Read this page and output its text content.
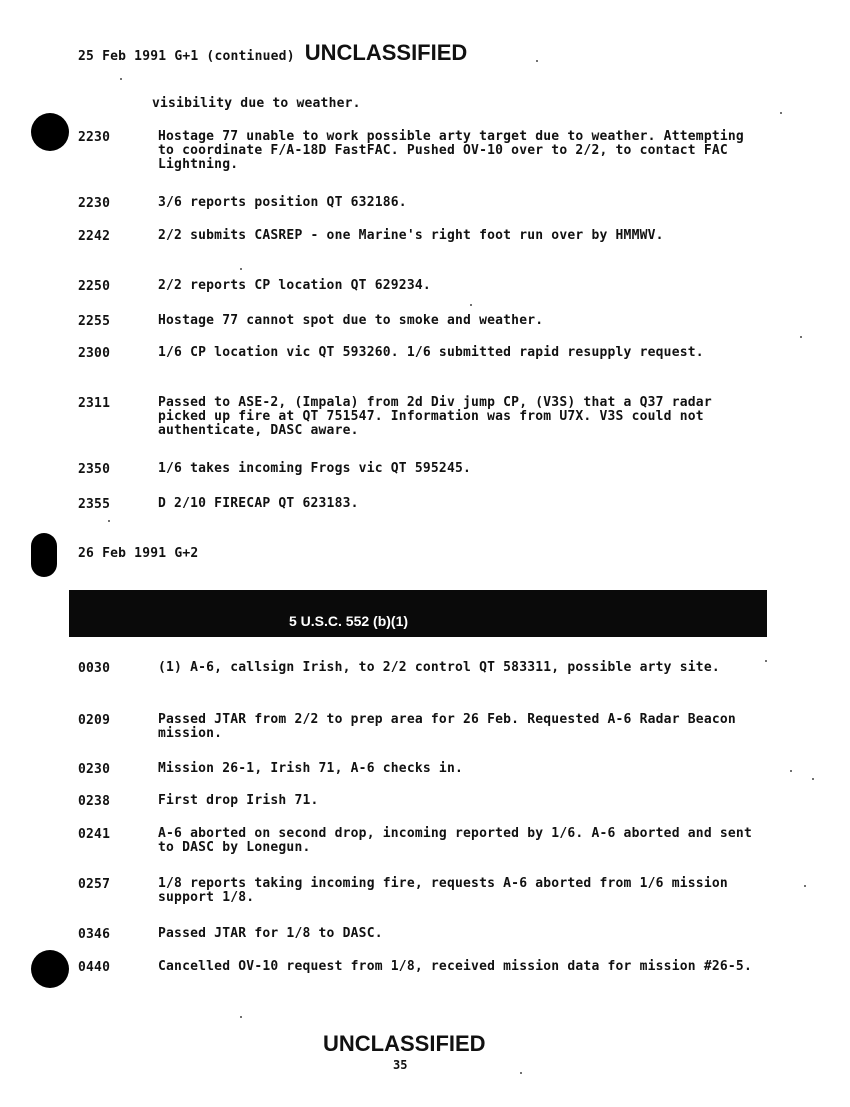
25 Feb 1991 G+1 (continued) UNCLASSIFIED
visibility due to weather.
2230	Hostage 77 unable to work possible arty target due to weather. Attempting to coordinate F/A-18D FastFAC. Pushed OV-10 over to 2/2, to contact FAC Lightning.
2230	3/6 reports position QT 632186.
2242	2/2 submits CASREP - one Marine's right foot run over by HMMWV.
2250	2/2 reports CP location QT 629234.
2255	Hostage 77 cannot spot due to smoke and weather.
2300	1/6 CP location vic QT 593260. 1/6 submitted rapid resupply request.
2311	Passed to ASE-2, (Impala) from 2d Div jump CP, (V3S) that a Q37 radar picked up fire at QT 751547. Information was from U7X. V3S could not authenticate, DASC aware.
2350	1/6 takes incoming Frogs vic QT 595245.
2355	D 2/10 FIRECAP QT 623183.
26 Feb 1991 G+2
5 U.S.C. 552 (b)(1)
0030	(1) A-6, callsign Irish, to 2/2 control QT 583311, possible arty site.
0209	Passed JTAR from 2/2 to prep area for 26 Feb. Requested A-6 Radar Beacon mission.
0230	Mission 26-1, Irish 71, A-6 checks in.
0238	First drop Irish 71.
0241	A-6 aborted on second drop, incoming reported by 1/6. A-6 aborted and sent to DASC by Lonegun.
0257	1/8 reports taking incoming fire, requests A-6 aborted from 1/6 mission support 1/8.
0346	Passed JTAR for 1/8 to DASC.
0440	Cancelled OV-10 request from 1/8, received mission data for mission #26-5.
UNCLASSIFIED
35
